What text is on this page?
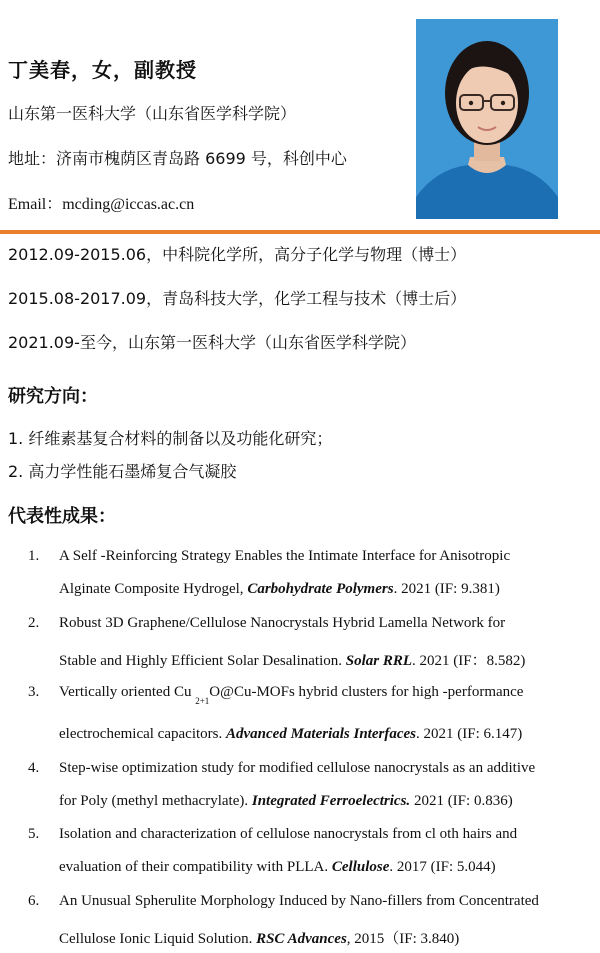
丁美春，女，副教授
山东第一医科大学（山东省医学科学院）
地址：济南市槐荫区青岛路 6699 号，科创中心
Email：mcding@iccas.ac.cn
2012.09-2015.06，中科院化学所，高分子化学与物理（博士）
2015.08-2017.09，青岛科技大学，化学工程与技术（博士后）
2021.09-至今，山东第一医科大学（山东省医学科学院）
研究方向：
1. 纤维素基复合材料的制备以及功能化研究；
2. 高力学性能石墨烯复合气凝胶
代表性成果：
1.	A Self -Reinforcing Strategy Enables the Intimate Interface for Anisotropic
Alginate Composite Hydrogel, Carbohydrate Polymers. 2021 (IF: 9.381)
2.	Robust 3D Graphene/Cellulose Nanocrystals Hybrid Lamella Network for
Stable and Highly Efficient Solar Desalination. Solar RRL. 2021 (IF：8.582)
3.	Vertically oriented Cu $_{2+1}$O@Cu-MOFs hybrid clusters for high -performance
electrochemical capacitors. Advanced Materials Interfaces. 2021 (IF: 6.147)
4.	Step-wise optimization study for modified cellulose nanocrystals as an additive
for Poly (methyl methacrylate). Integrated Ferroelectrics. 2021 (IF: 0.836)
5.	Isolation and characterization of cellulose nanocrystals from cl oth hairs and
evaluation of their compatibility with PLLA. Cellulose. 2017 (IF: 5.044)
6.	An Unusual Spherulite Morphology Induced by Nano-fillers from Concentrated
Cellulose Ionic Liquid Solution. RSC Advances, 2015（IF: 3.840)
